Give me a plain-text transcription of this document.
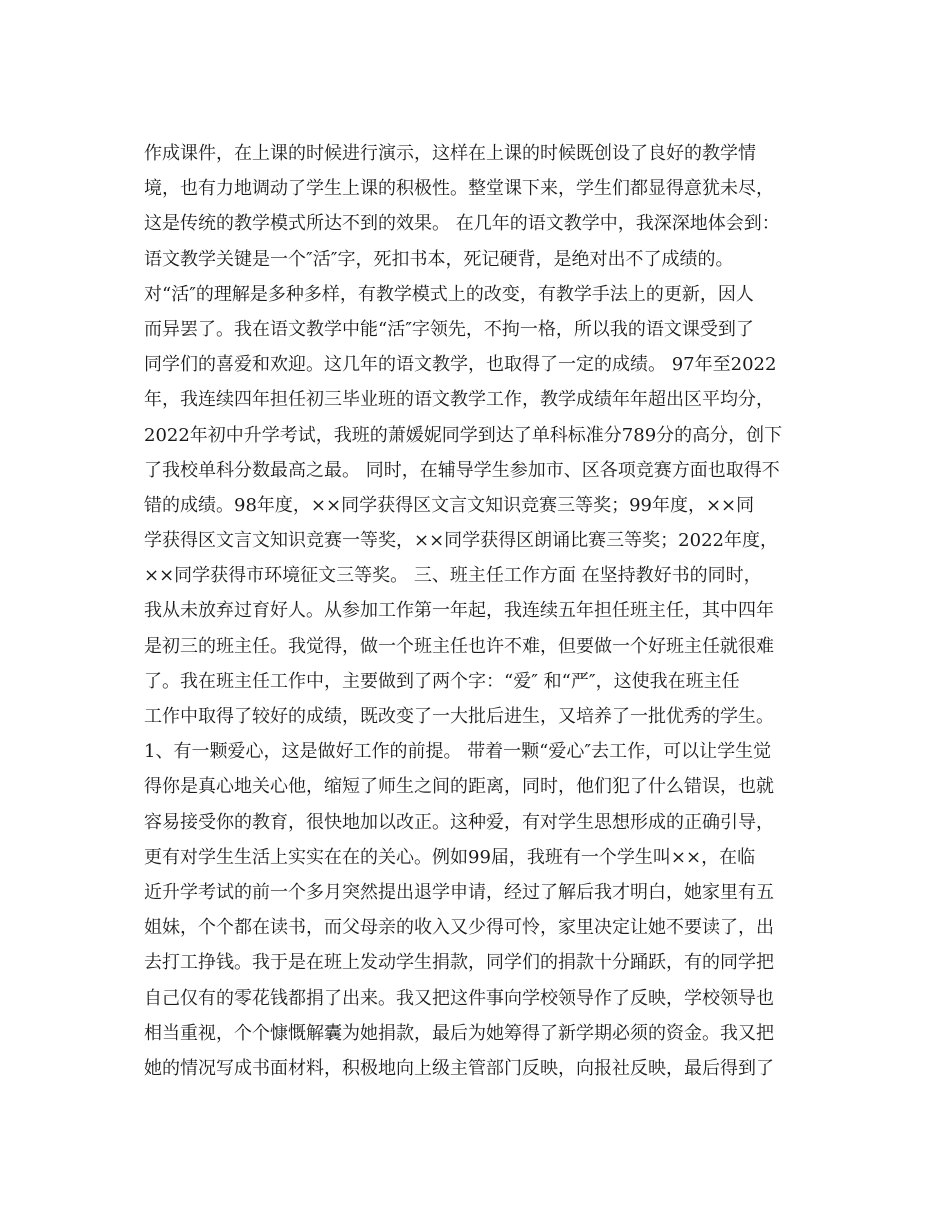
作成课件，在上课的时候进行演示，这样在上课的时候既创设了良好的教学情
境，也有力地调动了学生上课的积极性。整堂课下来，学生们都显得意犹未尽，
这是传统的教学模式所达不到的效果。 在几年的语文教学中，我深深地体会到：
语文教学关键是一个″活″字，死扣书本，死记硬背，是绝对出不了成绩的。
对“活″的理解是多种多样，有教学模式上的改变，有教学手法上的更新，因人
而异罢了。我在语文教学中能“活″字领先，不拘一格，所以我的语文课受到了
同学们的喜爱和欢迎。这几年的语文教学，也取得了一定的成绩。 97年至2022
年，我连续四年担任初三毕业班的语文教学工作，教学成绩年年超出区平均分，
2022年初中升学考试，我班的萧媛妮同学到达了单科标准分789分的高分，创下
了我校单科分数最高之最。 同时，在辅导学生参加市、区各项竞赛方面也取得不
错的成绩。98年度，××同学获得区文言文知识竞赛三等奖；99年度，××同
学获得区文言文知识竞赛一等奖，××同学获得区朗诵比赛三等奖；2022年度，
××同学获得市环境征文三等奖。 三、班主任工作方面 在坚持教好书的同时，
我从未放弃过育好人。从参加工作第一年起，我连续五年担任班主任，其中四年
是初三的班主任。我觉得，做一个班主任也许不难，但要做一个好班主任就很难
了。我在班主任工作中，主要做到了两个字：“爱″ 和“严″，这使我在班主任
工作中取得了较好的成绩，既改变了一大批后进生，又培养了一批优秀的学生。
1、有一颗爱心，这是做好工作的前提。 带着一颗“爱心″去工作，可以让学生觉
得你是真心地关心他，缩短了师生之间的距离，同时，他们犯了什么错误，也就
容易接受你的教育，很快地加以改正。这种爱，有对学生思想形成的正确引导，
更有对学生生活上实实在在的关心。例如99届，我班有一个学生叫××，在临
近升学考试的前一个多月突然提出退学申请，经过了解后我才明白，她家里有五
姐妹，个个都在读书，而父母亲的收入又少得可怜，家里决定让她不要读了，出
去打工挣钱。我于是在班上发动学生捐款，同学们的捐款十分踊跃，有的同学把
自己仅有的零花钱都捐了出来。我又把这件事向学校领导作了反映，学校领导也
相当重视，个个慷慨解囊为她捐款，最后为她筹得了新学期必须的资金。我又把
她的情况写成书面材料，积极地向上级主管部门反映，向报社反映，最后得到了
